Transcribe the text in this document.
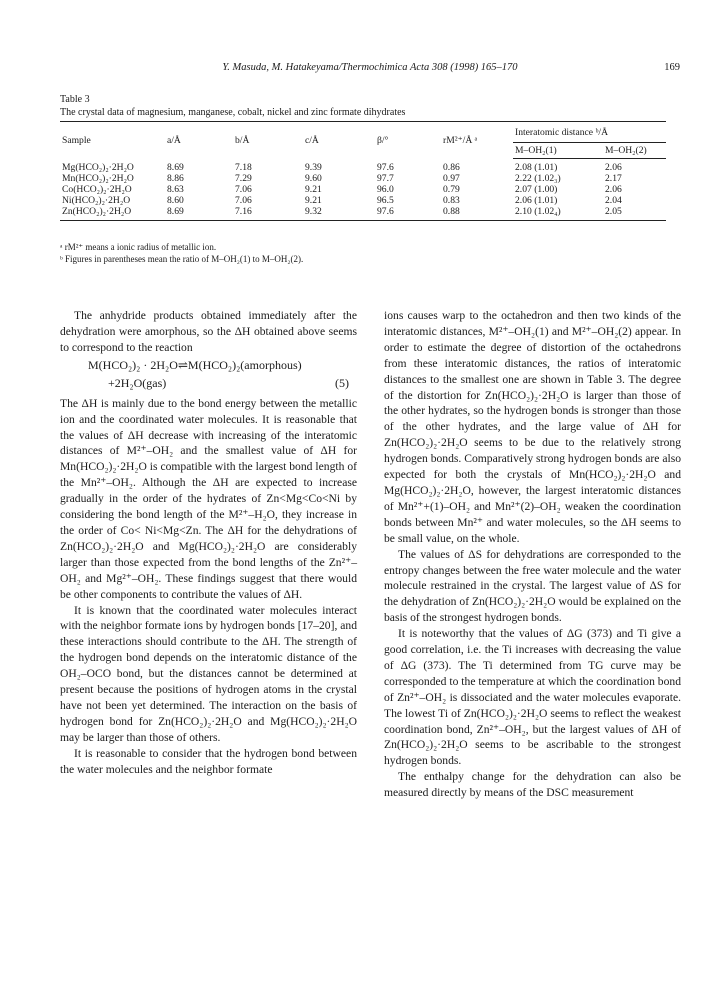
Y. Masuda, M. Hatakeyama/Thermochimica Acta 308 (1998) 165–170	169
Table 3
The crystal data of magnesium, manganese, cobalt, nickel and zinc formate dihydrates
Sample	a/Å	b/Å	c/Å	β/°	rM²⁺/Å ᵃ	Interatomic distance ᵇ/Å	
						M–OH₂(1)	M–OH₂(2)
Mg(HCO₂)₂·2H₂O	8.69	7.18	9.39	97.6	0.86	2.08 (1.01)	2.06
Mn(HCO₂)₂·2H₂O	8.86	7.29	9.60	97.7	0.97	2.22 (1.02₃)	2.17
Co(HCO₂)₂·2H₂O	8.63	7.06	9.21	96.0	0.79	2.07 (1.00)	2.06
Ni(HCO₂)₂·2H₂O	8.60	7.06	9.21	96.5	0.83	2.06 (1.01)	2.04
Zn(HCO₂)₂·2H₂O	8.69	7.16	9.32	97.6	0.88	2.10 (1.02₄)	2.05
ᵃ rM²⁺ means a ionic radius of metallic ion.
ᵇ Figures in parentheses mean the ratio of M–OH₂(1) to M–OH₂(2).

The anhydride products obtained immediately after the dehydration were amorphous, so the ΔH obtained above seems to correspond to the reaction

M(HCO₂)₂ · 2H₂O⇌M(HCO₂)₂(amorphous)
+2H₂O(gas)	(5)

The ΔH is mainly due to the bond energy between the metallic ion and the coordinated water molecules. It is reasonable that the values of ΔH decrease with increasing of the interatomic distances of M²⁺–OH₂ and the smallest value of ΔH for Mn(HCO₂)₂·2H₂O is compatible with the largest bond length of the Mn²⁺–OH₂. Although the ΔH are expected to increase gradually in the order of the hydrates of Zn<Mg<Co<Ni by considering the bond length of the M²⁺–H₂O, they increase in the order of Co< Ni<Mg<Zn. The ΔH for the dehydrations of Zn(HCO₂)₂·2H₂O and Mg(HCO₂)₂·2H₂O are considerably larger than those expected from the bond lengths of the Zn²⁺–OH₂ and Mg²⁺–OH₂. These findings suggest that there would be other components to contribute the values of ΔH.

It is known that the coordinated water molecules interact with the neighbor formate ions by hydrogen bonds [17–20], and these interactions should contribute to the ΔH. The strength of the hydrogen bond depends on the interatomic distance of the OH₂–OCO bond, but the distances cannot be determined at present because the positions of hydrogen atoms in the crystal have not been yet determined. The interaction on the basis of hydrogen bond for Zn(HCO₂)₂·2H₂O and Mg(HCO₂)₂·2H₂O may be larger than those of others.

It is reasonable to consider that the hydrogen bond between the water molecules and the neighbor formate

ions causes warp to the octahedron and then two kinds of the interatomic distances, M²⁺–OH₂(1) and M²⁺–OH₂(2) appear. In order to estimate the degree of distortion of the octahedrons from these interatomic distances, the ratios of interatomic distances to the smallest one are shown in Table 3. The degree of the distortion for Zn(HCO₂)₂·2H₂O is larger than those of the other hydrates, so the hydrogen bonds is stronger than those of the other hydrates, and the large value of ΔH for Zn(HCO₂)₂·2H₂O seems to be due to the relatively strong hydrogen bonds. Comparatively strong hydrogen bonds are also expected for both the crystals of Mn(HCO₂)₂·2H₂O and Mg(HCO₂)₂·2H₂O, however, the largest interatomic distances of Mn²⁺+(1)–OH₂ and Mn²⁺(2)–OH₂ weaken the coordination bonds between Mn²⁺ and water molecules, so the ΔH seems to be small value, on the whole.

The values of ΔS for dehydrations are corresponded to the entropy changes between the free water molecule and the water molecule restrained in the crystal. The largest value of ΔS for the dehydration of Zn(HCO₂)₂·2H₂O would be explained on the basis of the strongest hydrogen bonds.

It is noteworthy that the values of ΔG (373) and Ti give a good correlation, i.e. the Ti increases with decreasing the value of ΔG (373). The Ti determined from TG curve may be corresponded to the temperature at which the coordination bond of Zn²⁺–OH₂ is dissociated and the water molecules evaporate. The lowest Ti of Zn(HCO₂)₂·2H₂O seems to reflect the weakest coordination bond, Zn²⁺–OH₂, but the largest values of ΔH of Zn(HCO₂)₂·2H₂O seems to be ascribable to the strongest hydrogen bonds.

The enthalpy change for the dehydration can also be measured directly by means of the DSC measurement
